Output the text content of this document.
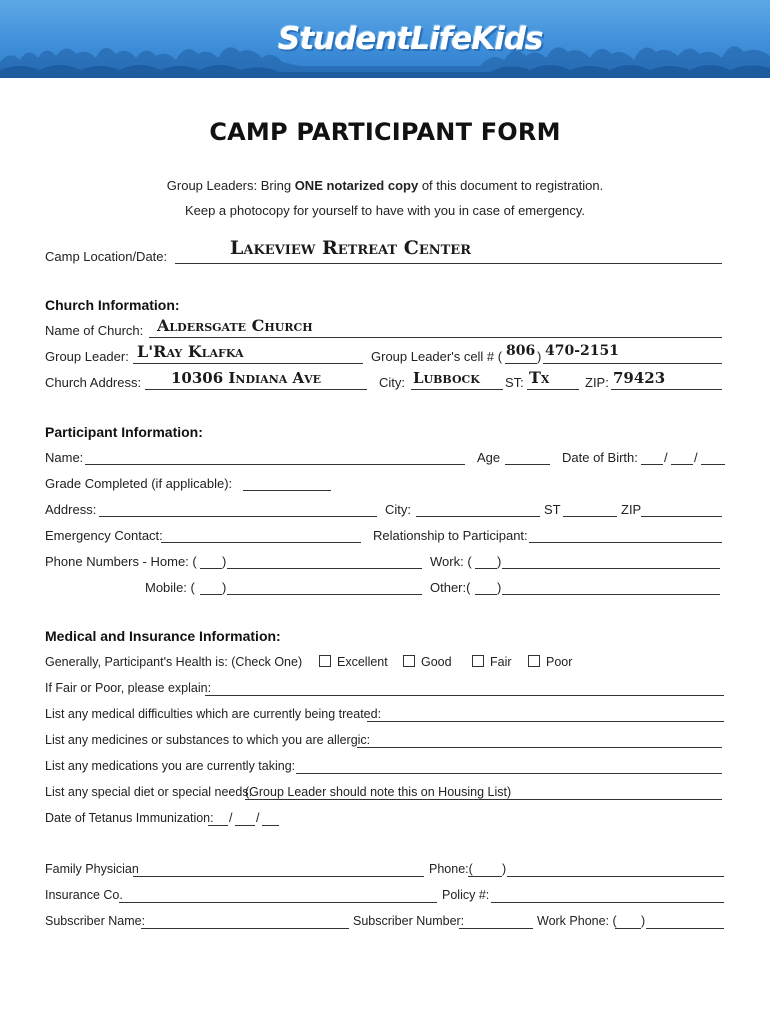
StudentLifeKids
CAMP PARTICIPANT FORM
Group Leaders: Bring ONE notarized copy of this document to registration.
Keep a photocopy for yourself to have with you in case of emergency.
Camp Location/Date:	Lakeview Retreat Center
Church Information:
Name of Church: Aldersgate Church
Group Leader: L'Ray Klafka	Group Leader's cell # ( 806 ) 470-2151
Church Address: 10306 Indiana Ave	City: Lubbock ST: Tx	ZIP: 79423
Participant Information:
Name:	Age	Date of Birth: / /
Grade Completed (if applicable):
Address:	City:	ST	ZIP
Emergency Contact:	Relationship to Participant:
Phone Numbers - Home: ( )	Work: ( )
Mobile: ( )	Other:( )
Medical and Insurance Information:
Generally, Participant's Health is: (Check One)	Excellent	Good	Fair	Poor
If Fair or Poor, please explain:
List any medical difficulties which are currently being treated:
List any medicines or substances to which you are allergic:
List any medications you are currently taking:
List any special diet or special needs:
(Group Leader should note this on Housing List)
Date of Tetanus Immunization: / /
Family Physician	Phone:( )
Insurance Co.	Policy #:
Subscriber Name:	Subscriber Number:	Work Phone: ( )
